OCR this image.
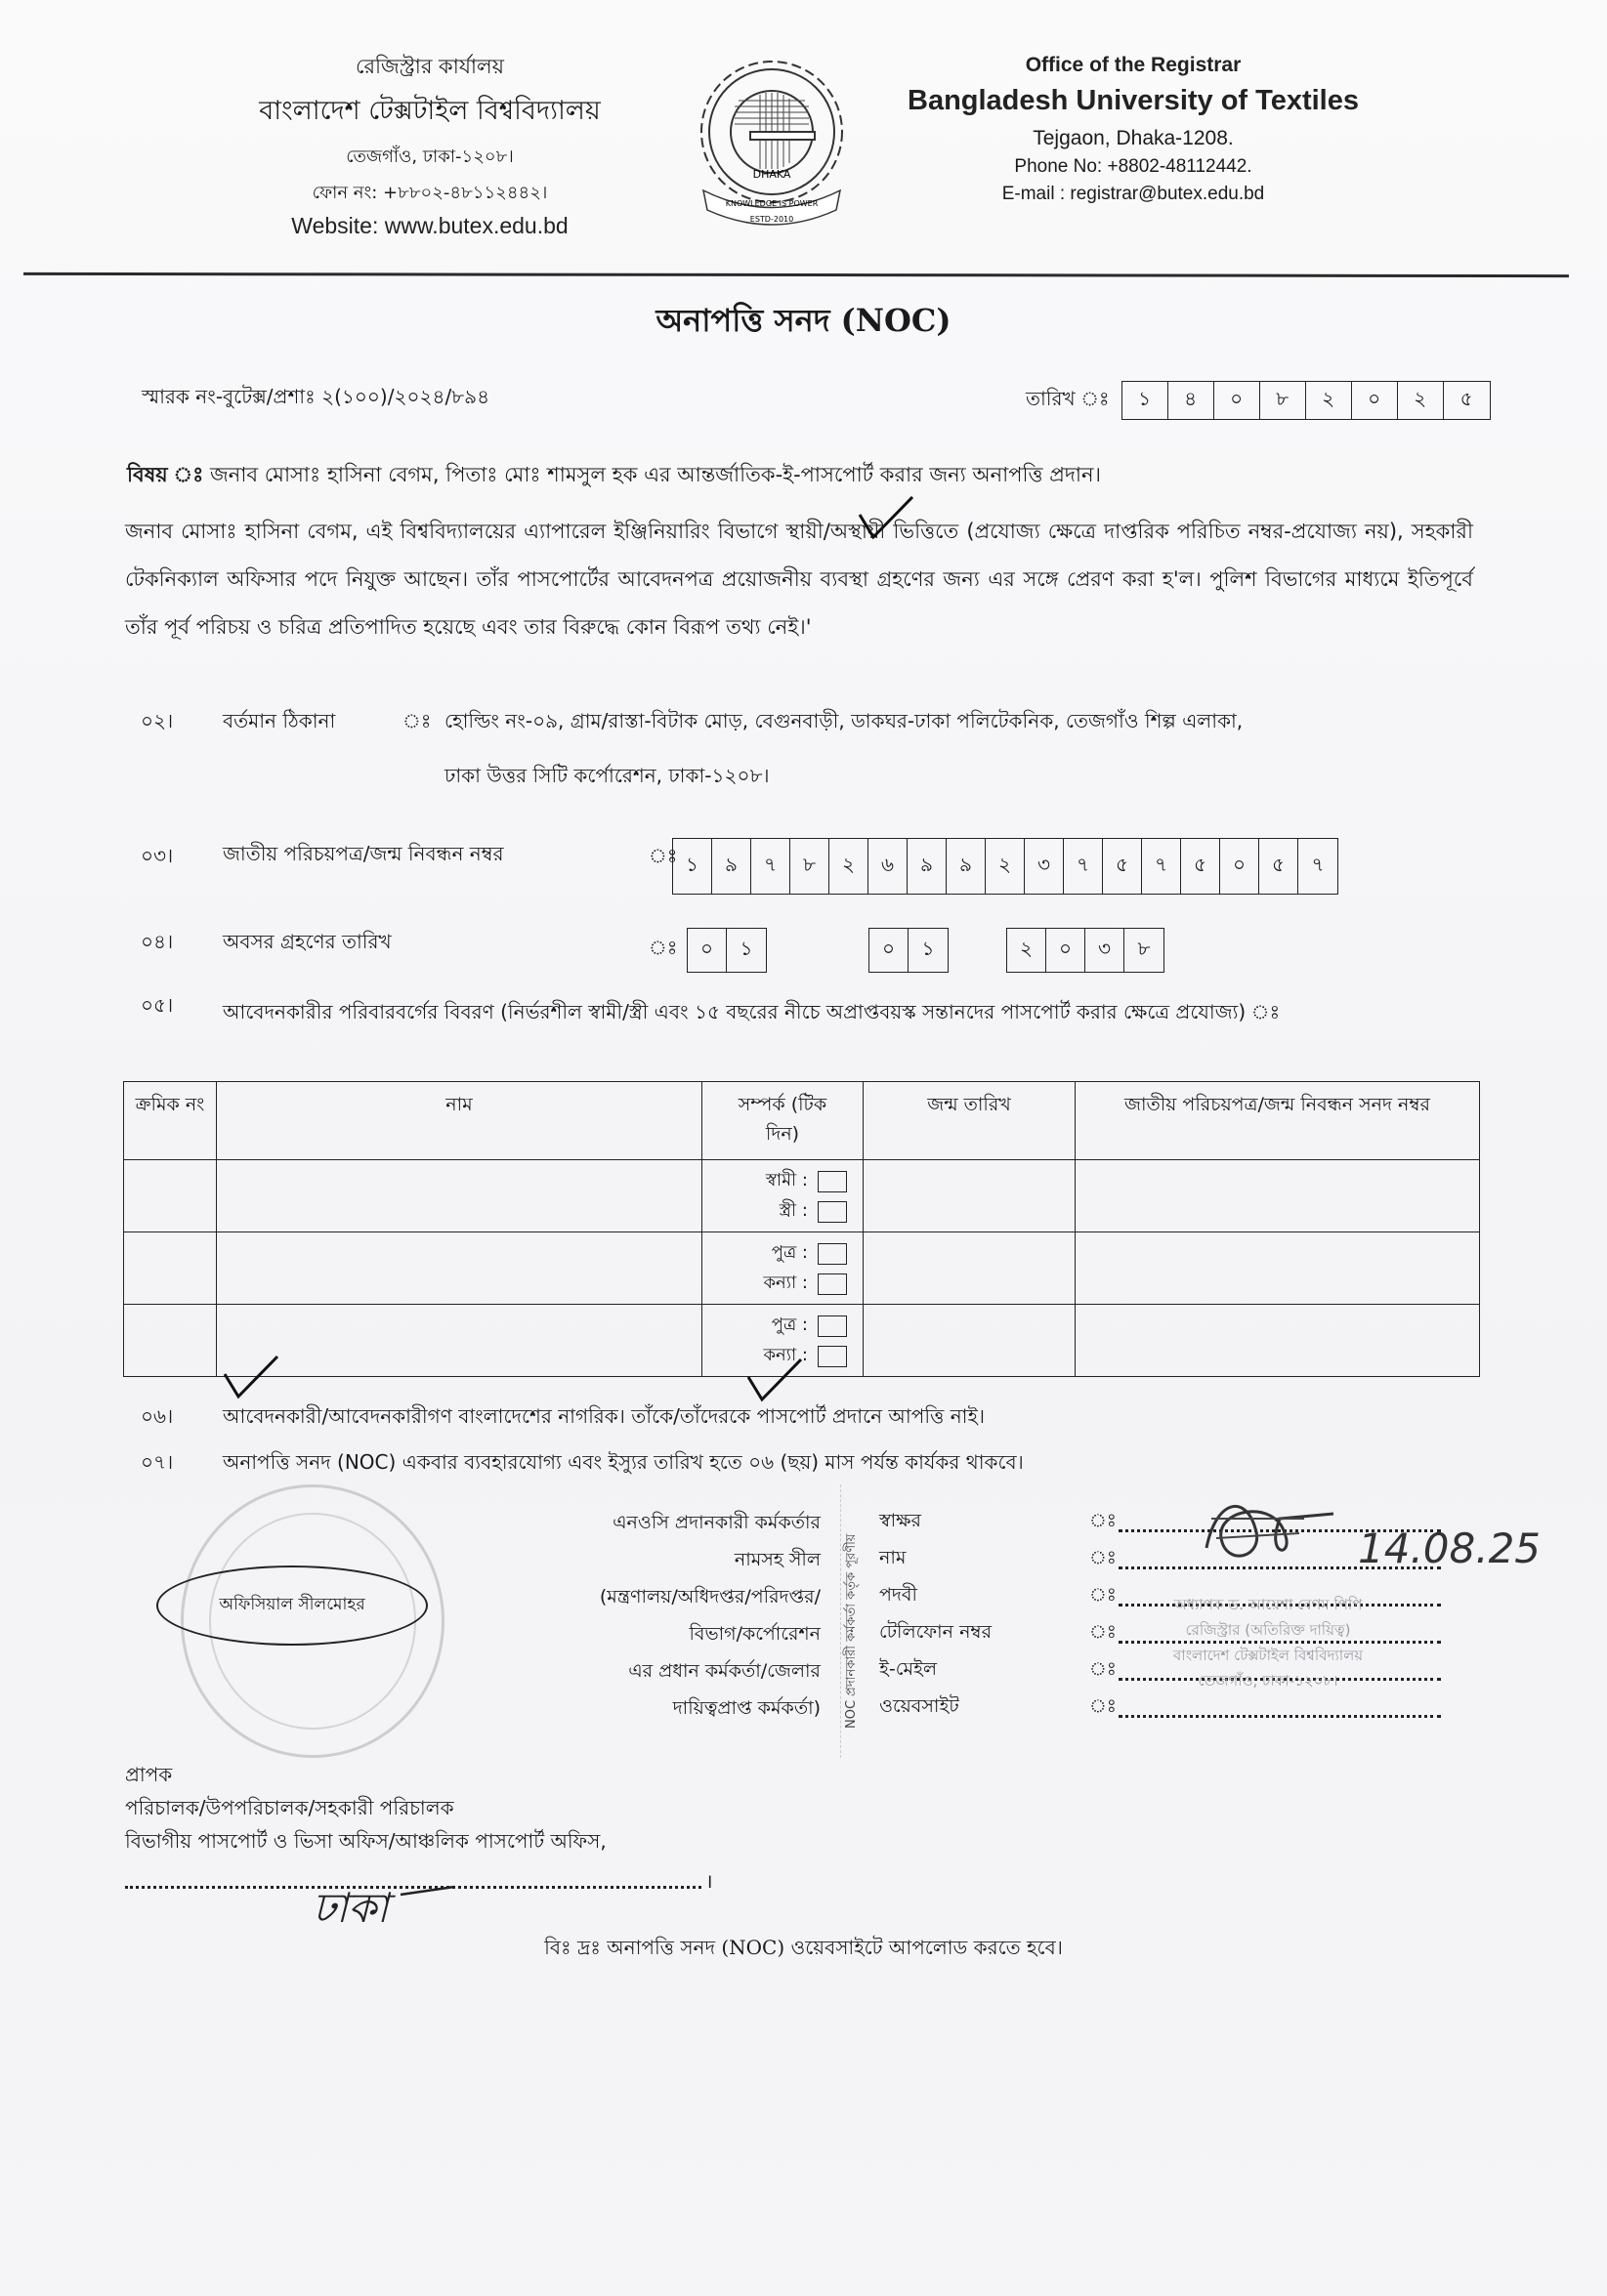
রেজিস্ট্রার কার্যালয়
বাংলাদেশ টেক্সটাইল বিশ্ববিদ্যালয়
তেজগাঁও, ঢাকা-১২০৮।
ফোন নং: +৮৮০২-৪৮১১২৪৪২।
Website: www.butex.edu.bd
DHAKA
KNOWLEDGE IS POWER
ESTD-2010
Office of the Registrar
Bangladesh University of Textiles
Tejgaon, Dhaka-1208.
Phone No: +8802-48112442.
E-mail : registrar@butex.edu.bd
অনাপত্তি সনদ (NOC)
স্মারক নং-বুটেক্স/প্রশাঃ ২(১০০)/২০২৪/৮৯৪	তারিখ ঃ	১	৪	০	৮	২	০	২	৫
বিষয় ঃ জনাব মোসাঃ হাসিনা বেগম, পিতাঃ মোঃ শামসুল হক এর আন্তর্জাতিক-ই-পাসপোর্ট করার জন্য অনাপত্তি প্রদান।
জনাব মোসাঃ হাসিনা বেগম, এই বিশ্ববিদ্যালয়ের এ্যাপারেল ইঞ্জিনিয়ারিং বিভাগে স্থায়ী/অস্থায়ী ভিত্তিতে (প্রযোজ্য ক্ষেত্রে দাপ্তরিক পরিচিত নম্বর-প্রযোজ্য নয়), সহকারী টেকনিক্যাল অফিসার পদে নিযুক্ত আছেন। তাঁর পাসপোর্টের আবেদনপত্র প্রয়োজনীয় ব্যবস্থা গ্রহণের জন্য এর সঙ্গে প্রেরণ করা হ'ল। পুলিশ বিভাগের মাধ্যমে ইতিপূর্বে তাঁর পূর্ব পরিচয় ও চরিত্র প্রতিপাদিত হয়েছে এবং তার বিরুদ্ধে কোন বিরূপ তথ্য নেই।'
০২।	বর্তমান ঠিকানা	ঃ হোল্ডিং নং-০৯, গ্রাম/রাস্তা-বিটাক মোড়, বেগুনবাড়ী, ডাকঘর-ঢাকা পলিটেকনিক, তেজগাঁও শিল্প এলাকা,
ঢাকা উত্তর সিটি কর্পোরেশন, ঢাকা-১২০৮।
০৩।	জাতীয় পরিচয়পত্র/জন্ম নিবন্ধন নম্বর	ঃ ১	৯	৭	৮	২	৬	৯	৯	২	৩	৭	৫	৭	৫	০	৫	৭
০৪।	অবসর গ্রহণের তারিখ	ঃ	০	১	০	১	২	০	৩	৮
০৫।	আবেদনকারীর পরিবারবর্গের বিবরণ (নির্ভরশীল স্বামী/স্ত্রী এবং ১৫ বছরের নীচে অপ্রাপ্তবয়স্ক সন্তানদের পাসপোর্ট করার ক্ষেত্রে প্রযোজ্য) ঃ
ক্রমিক নং	নাম	সম্পর্ক (টিক দিন)	জন্ম তারিখ	জাতীয় পরিচয়পত্র/জন্ম নিবন্ধন সনদ নম্বর

		স্বামী :
স্ত্রী :		

		পুত্র :
কন্যা :		

		পুত্র :
কন্যা :		

০৬।	আবেদনকারী/আবেদনকারীগণ বাংলাদেশের নাগরিক। তাঁকে/তাঁদেরকে পাসপোর্ট প্রদানে আপত্তি নাই।
০৭।	অনাপত্তি সনদ (NOC) একবার ব্যবহারযোগ্য এবং ইস্যুর তারিখ হতে ০৬ (ছয়) মাস পর্যন্ত কার্যকর থাকবে।
অফিসিয়াল সীলমোহর
এনওসি প্রদানকারী কর্মকর্তার
নামসহ সীল
(মন্ত্রণালয়/অধিদপ্তর/পরিদপ্তর/
বিভাগ/কর্পোরেশন
এর প্রধান কর্মকর্তা/জেলার
দায়িত্বপ্রাপ্ত কর্মকর্তা) NOC প্রদানকারী কর্মকর্তা কর্তৃক পূরণীয়
স্বাক্ষর	ঃ
নাম	ঃ
পদবী	ঃ
টেলিফোন নম্বর	ঃ
ই-মেইল	ঃ
ওয়েবসাইট	ঃ
14.08.25
অধ্যাপক ড. আয়েশা বেগম পিপি
রেজিস্ট্রার (অতিরিক্ত দায়িত্ব)
বাংলাদেশ টেক্সটাইল বিশ্ববিদ্যালয়
তেজগাঁও, ঢাকা-১২০৮।
প্রাপক
পরিচালক/উপপরিচালক/সহকারী পরিচালক
বিভাগীয় পাসপোর্ট ও ভিসা অফিস/আঞ্চলিক পাসপোর্ট অফিস,
।
ঢাকা
বিঃ দ্রঃ অনাপত্তি সনদ (NOC) ওয়েবসাইটে আপলোড করতে হবে।
